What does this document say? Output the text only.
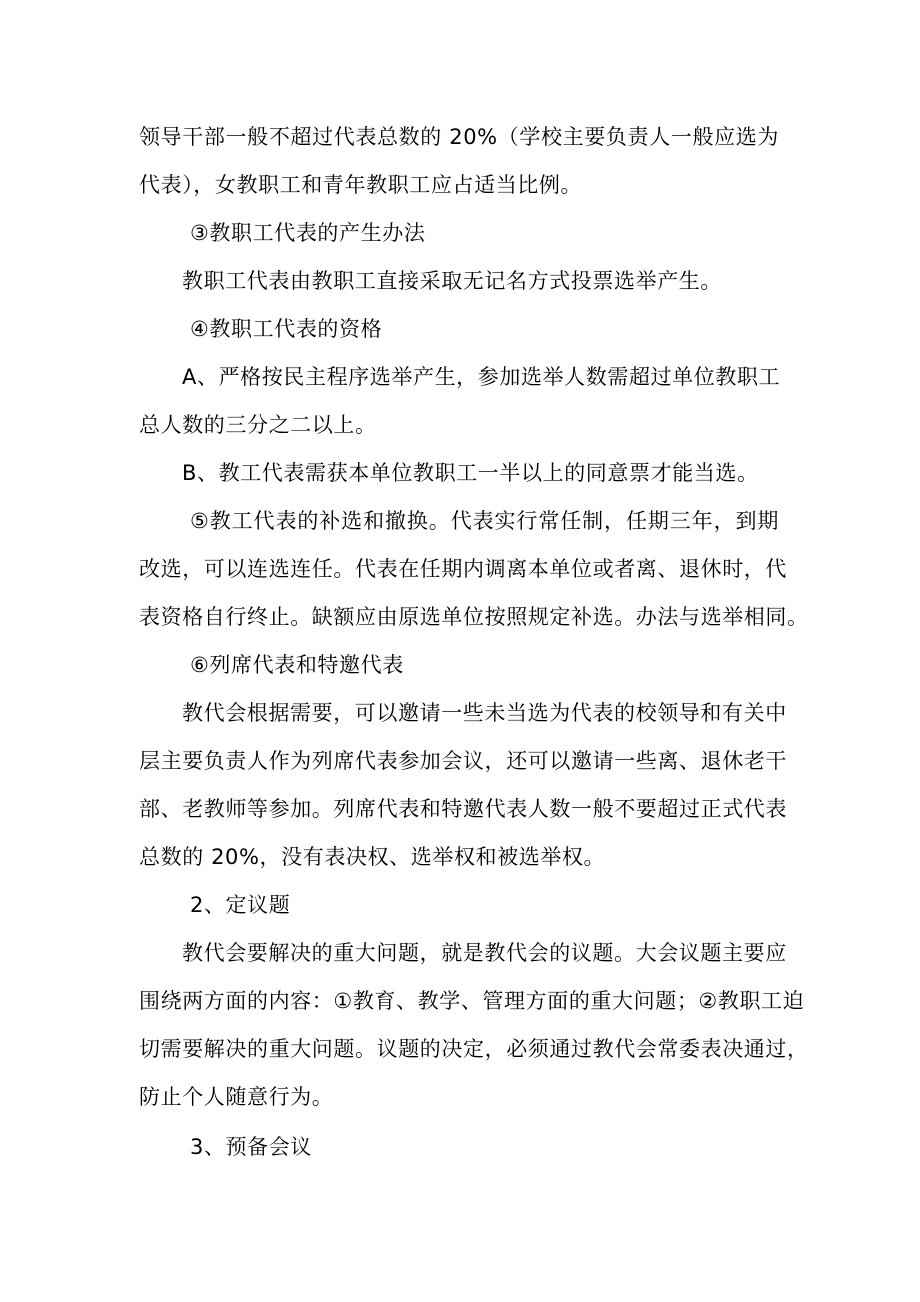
领导干部一般不超过代表总数的 20%（学校主要负责人一般应选为

代表），女教职工和青年教职工应占适当比例。

③教职工代表的产生办法

教职工代表由教职工直接采取无记名方式投票选举产生。

④教职工代表的资格

A、严格按民主程序选举产生，参加选举人数需超过单位教职工

总人数的三分之二以上。

B、教工代表需获本单位教职工一半以上的同意票才能当选。

⑤教工代表的补选和撤换。代表实行常任制，任期三年，到期

改选，可以连选连任。代表在任期内调离本单位或者离、退休时，代

表资格自行终止。缺额应由原选单位按照规定补选。办法与选举相同。

⑥列席代表和特邀代表

教代会根据需要，可以邀请一些未当选为代表的校领导和有关中

层主要负责人作为列席代表参加会议，还可以邀请一些离、退休老干

部、老教师等参加。列席代表和特邀代表人数一般不要超过正式代表

总数的 20%，没有表决权、选举权和被选举权。

2、定议题

教代会要解决的重大问题，就是教代会的议题。大会议题主要应

围绕两方面的内容：①教育、教学、管理方面的重大问题；②教职工迫

切需要解决的重大问题。议题的决定，必须通过教代会常委表决通过，

防止个人随意行为。

3、预备会议
